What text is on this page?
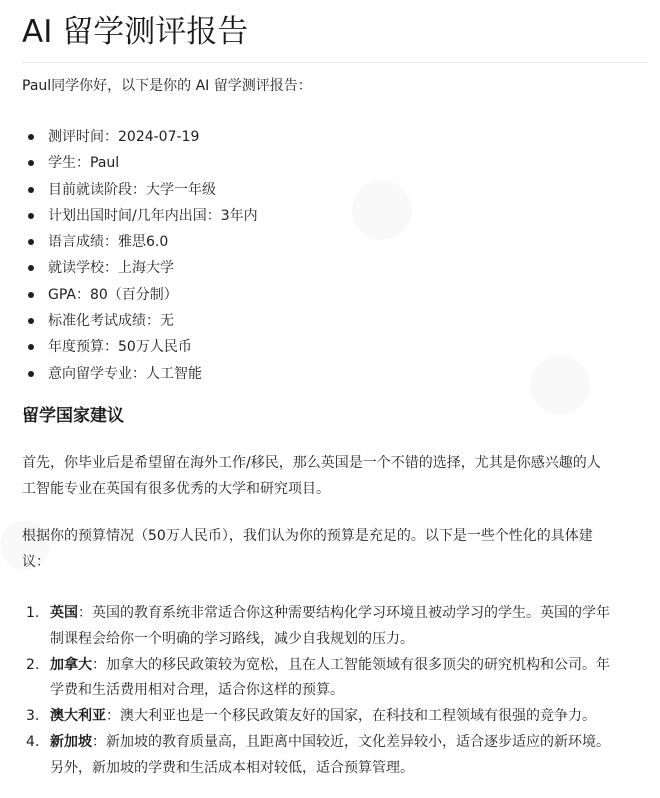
AI 留学测评报告

Paul同学你好，以下是你的 AI 留学测评报告：

测评时间：2024-07-19
学生：Paul
目前就读阶段：大学一年级
计划出国时间/几年内出国：3年内
语言成绩：雅思6.0
就读学校：上海大学
GPA：80（百分制）
标准化考试成绩：无
年度预算：50万人民币
意向留学专业：人工智能
留学国家建议

首先，你毕业后是希望留在海外工作/移民，那么英国是一个不错的选择，尤其是你感兴趣的人
工智能专业在英国有很多优秀的大学和研究项目。

根据你的预算情况（50万人民币），我们认为你的预算是充足的。以下是一些个性化的具体建
议：

1. 英国：英国的教育系统非常适合你这种需要结构化学习环境且被动学习的学生。英国的学年
制课程会给你一个明确的学习路线，减少自我规划的压力。
2. 加拿大：加拿大的移民政策较为宽松，且在人工智能领域有很多顶尖的研究机构和公司。年
学费和生活费用相对合理，适合你这样的预算。
3. 澳大利亚：澳大利亚也是一个移民政策友好的国家，在科技和工程领域有很强的竞争力。
4. 新加坡：新加坡的教育质量高，且距离中国较近，文化差异较小，适合逐步适应的新环境。
另外，新加坡的学费和生活成本相对较低，适合预算管理。
